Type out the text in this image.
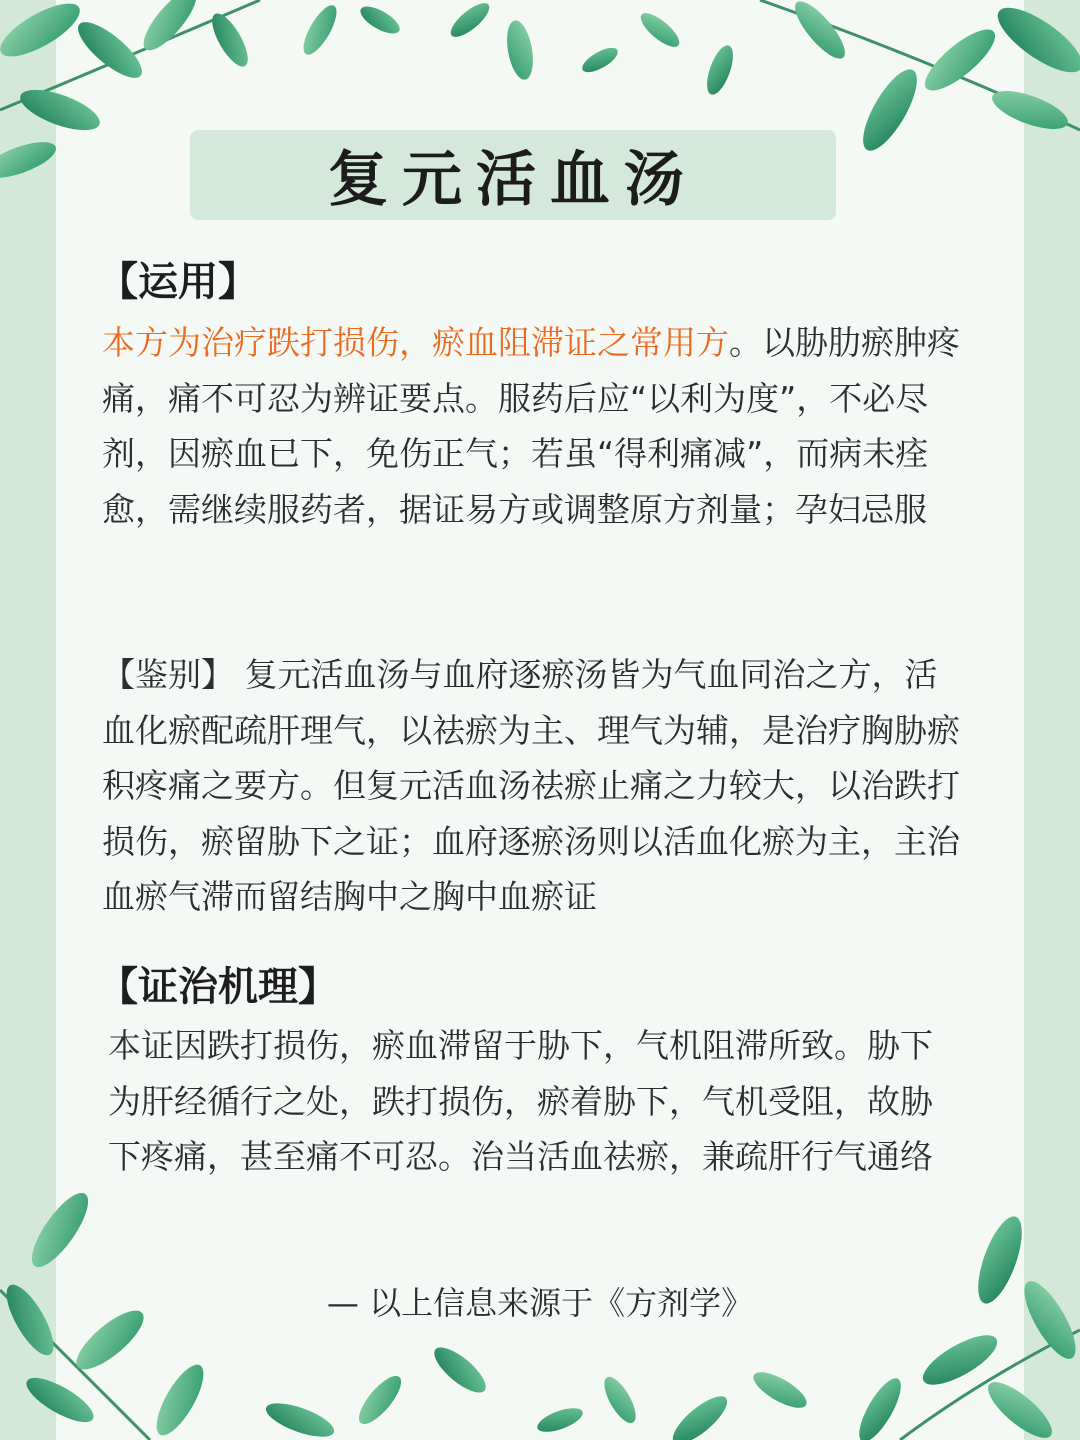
复元活血汤
【运用】

本方为治疗跌打损伤，瘀血阻滞证之常用方。以胁肋瘀肿疼痛，痛不可忍为辨证要点。服药后应“以利为度”，不必尽剂，因瘀血已下，免伤正气；若虽“得利痛减”，而病未痊愈，需继续服药者，据证易方或调整原方剂量；孕妇忌服

【鉴别】 复元活血汤与血府逐瘀汤皆为气血同治之方，活血化瘀配疏肝理气，以祛瘀为主、理气为辅，是治疗胸胁瘀积疼痛之要方。但复元活血汤祛瘀止痛之力较大，以治跌打损伤，瘀留胁下之证；血府逐瘀汤则以活血化瘀为主，主治血瘀气滞而留结胸中之胸中血瘀证

【证治机理】

本证因跌打损伤，瘀血滞留于胁下，气机阻滞所致。胁下为肝经循行之处，跌打损伤，瘀着胁下，气机受阻，故胁下疼痛，甚至痛不可忍。治当活血祛瘀，兼疏肝行气通络

— 以上信息来源于《方剂学》
